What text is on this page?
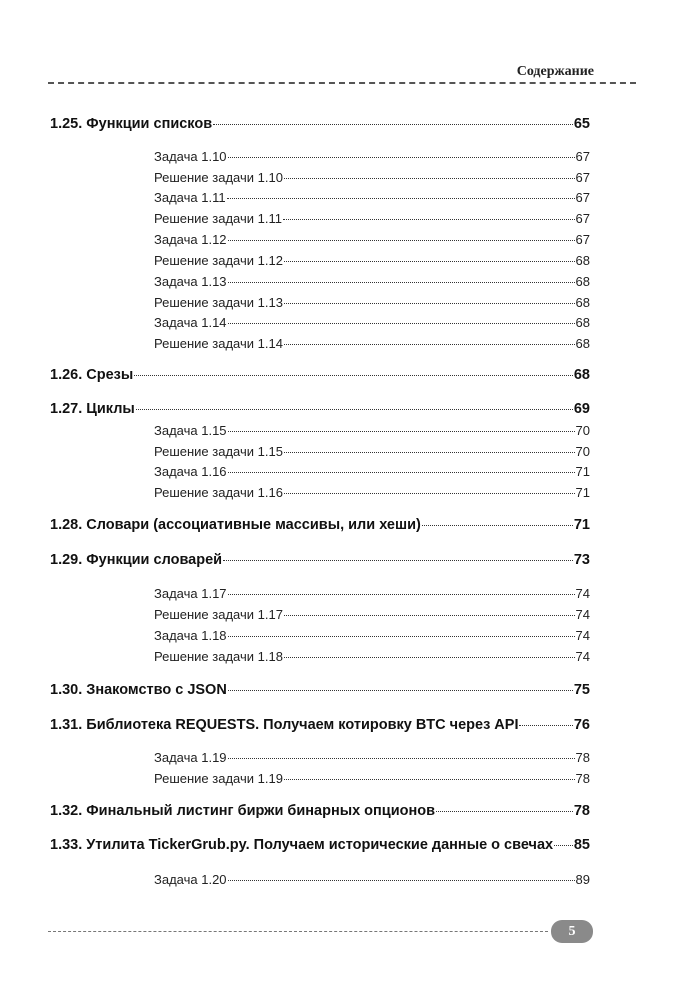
Содержание
1.25. Функции списков	65
Задача 1.10	67
Решение задачи 1.10	67
Задача 1.11	67
Решение задачи 1.11	67
Задача 1.12	67
Решение задачи 1.12	68
Задача 1.13	68
Решение задачи 1.13	68
Задача 1.14	68
Решение задачи 1.14	68
1.26. Срезы	68
1.27. Циклы	69
Задача 1.15	70
Решение задачи 1.15	70
Задача 1.16	71
Решение задачи 1.16	71
1.28. Словари (ассоциативные массивы, или хеши)	71
1.29. Функции словарей	73
Задача 1.17	74
Решение задачи 1.17	74
Задача 1.18	74
Решение задачи 1.18	74
1.30. Знакомство с JSON	75
1.31. Библиотека REQUESTS. Получаем котировку BTC через API	76
Задача 1.19	78
Решение задачи 1.19	78
1.32. Финальный листинг биржи бинарных опционов	78
1.33. Утилита TickerGrub.py. Получаем исторические данные о свечах 85
Задача 1.20	89
5
